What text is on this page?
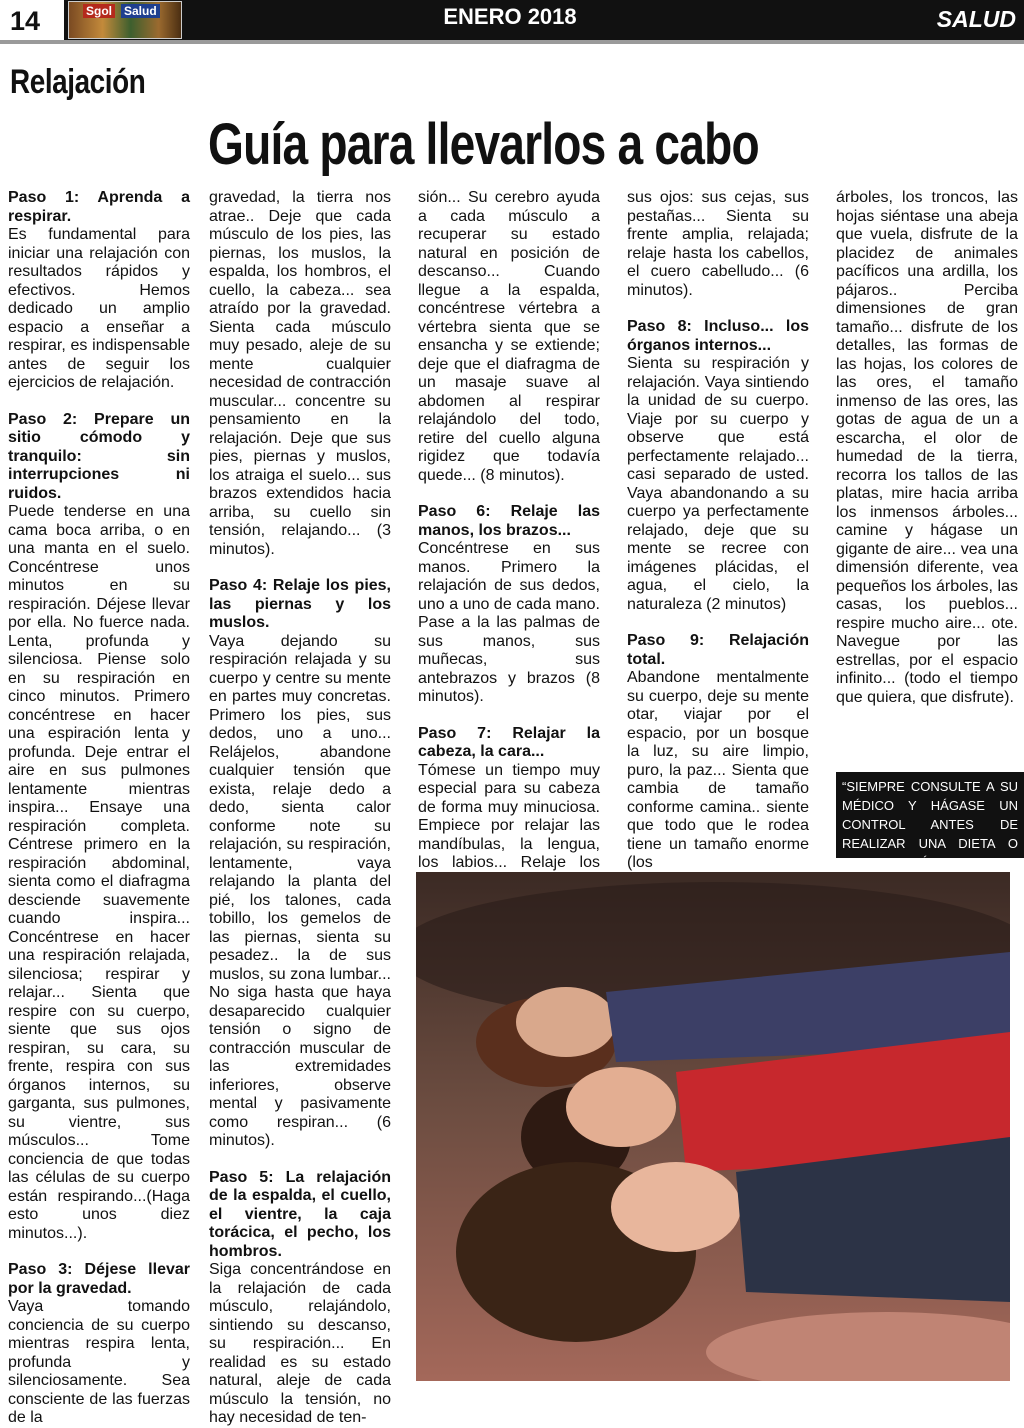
14	Sgol Salud	ENERO 2018	SALUD
Relajación
Guía para llevarlos a cabo

Paso 1: Aprenda a respirar.
Es fundamental para iniciar una relajación con resultados rápidos y efectivos. Hemos dedicado un amplio espacio a enseñar a respirar, es indispensable antes de seguir los ejercicios de relajación.

Paso 2: Prepare un sitio cómodo y tranquilo: sin interrupciones ni ruidos.
Puede tenderse en una cama boca arriba, o en una manta en el suelo. Concéntrese unos minutos en su respiración. Déjese llevar por ella. No fuerce nada. Lenta, profunda y silenciosa. Piense solo en su respiración en cinco minutos. Primero concéntrese en hacer una espiración lenta y profunda. Deje entrar el aire en sus pulmones lentamente mientras inspira... Ensaye una respiración completa. Céntrese primero en la respiración abdominal, sienta como el diafragma desciende suavemente cuando inspira... Concéntrese en hacer una respiración relajada, silenciosa; respirar y relajar... Sienta que respire con su cuerpo, siente que sus ojos respiran, su cara, su frente, respira con sus órganos internos, su garganta, sus pulmones, su vientre, sus músculos... Tome conciencia de que todas las células de su cuerpo están respirando...(Haga esto unos diez minutos...).

Paso 3: Déjese llevar por la gravedad.
Vaya tomando conciencia de su cuerpo mientras respira lenta, profunda y silenciosamente. Sea consciente de las fuerzas de la

gravedad, la tierra nos atrae.. Deje que cada músculo de los pies, las piernas, los muslos, la espalda, los hombros, el cuello, la cabeza... sea atraído por la gravedad. Sienta cada músculo muy pesado, aleje de su mente cualquier necesidad de contracción muscular... concentre su pensamiento en la relajación. Deje que sus pies, piernas y muslos, los atraiga el suelo... sus brazos extendidos hacia arriba, su cuello sin tensión, relajando... (3 minutos).

Paso 4: Relaje los pies, las piernas y los muslos.
Vaya dejando su respiración relajada y su cuerpo y centre su mente en partes muy concretas. Primero los pies, sus dedos, uno a uno... Relájelos, abandone cualquier tensión que exista, relaje dedo a dedo, sienta calor conforme note su relajación, su respiración, lentamente, vaya relajando la planta del pié, los talones, cada tobillo, los gemelos de las piernas, sienta su pesadez.. la de sus muslos, su zona lumbar... No siga hasta que haya desaparecido cualquier tensión o signo de contracción muscular de las extremidades inferiores, observe mental y pasivamente como respiran... (6 minutos).

Paso 5: La relajación de la espalda, el cuello, el vientre, la caja torácica, el pecho, los hombros.
Siga concentrándose en la relajación de cada músculo, relajándolo, sintiendo su descanso, su respiración... En realidad es su estado natural, aleje de cada músculo la tensión, no hay necesidad de ten-

sión... Su cerebro ayuda a cada músculo a recuperar su estado natural en posición de descanso... Cuando llegue a la espalda, concéntrese vértebra a vértebra sienta que se ensancha y se extiende; deje que el diafragma de un masaje suave al abdomen al respirar relajándolo del todo, retire del cuello alguna rigidez que todavía quede... (8 minutos).

Paso 6: Relaje las manos, los brazos...
Concéntrese en sus manos. Primero la relajación de sus dedos, uno a uno de cada mano. Pase a la las palmas de sus manos, sus muñecas, sus antebrazos y brazos (8 minutos).

Paso 7: Relajar la cabeza, la cara...
Tómese un tiempo muy especial para su cabeza de forma muy minuciosa. Empiece por relajar las mandíbulas, la lengua, los labios... Relaje los

sus ojos: sus cejas, sus pestañas... Sienta su frente amplia, relajada; relaje hasta los cabellos, el cuero cabelludo... (6 minutos).

Paso 8: Incluso... los órganos internos...
Sienta su respiración y relajación. Vaya sintiendo la unidad de su cuerpo. Viaje por su cuerpo y observe que está perfectamente relajado... casi separado de usted. Vaya abandonando a su cuerpo ya perfectamente relajado, deje que su mente se recree con imágenes plácidas, el agua, el cielo, la naturaleza (2 minutos)

Paso 9: Relajación total.
Abandone mentalmente su cuerpo, deje su mente otar, viajar por el espacio, por un bosque la luz, su aire limpio, puro, la paz... Sienta que cambia de tamaño conforme camina.. siente que todo que le rodea tiene un tamaño enorme (los

árboles, los troncos, las hojas siéntase una abeja que vuela, disfrute de la placidez de animales pacíficos una ardilla, los pájaros.. Perciba dimensiones de gran tamaño... disfrute de los detalles, las formas de las hojas, los colores de las ores, el tamaño inmenso de las ores, las gotas de agua de un a escarcha, el olor de humedad de la tierra, recorra los tallos de las platas, mire hacia arriba los inmensos árboles... camine y hágase un gigante de aire... vea una dimensión diferente, vea pequeños los árboles, las casas, los pueblos... respire mucho aire... ote. Navegue por las estrellas, por el espacio infinito... (todo el tiempo que quiera, que disfrute).

“SIEMPRE CONSULTE A SU MÉDICO Y HÁGASE UN CONTROL ANTES DE REALIZAR UNA DIETA O ACTIVIDAD FÍSICA”
